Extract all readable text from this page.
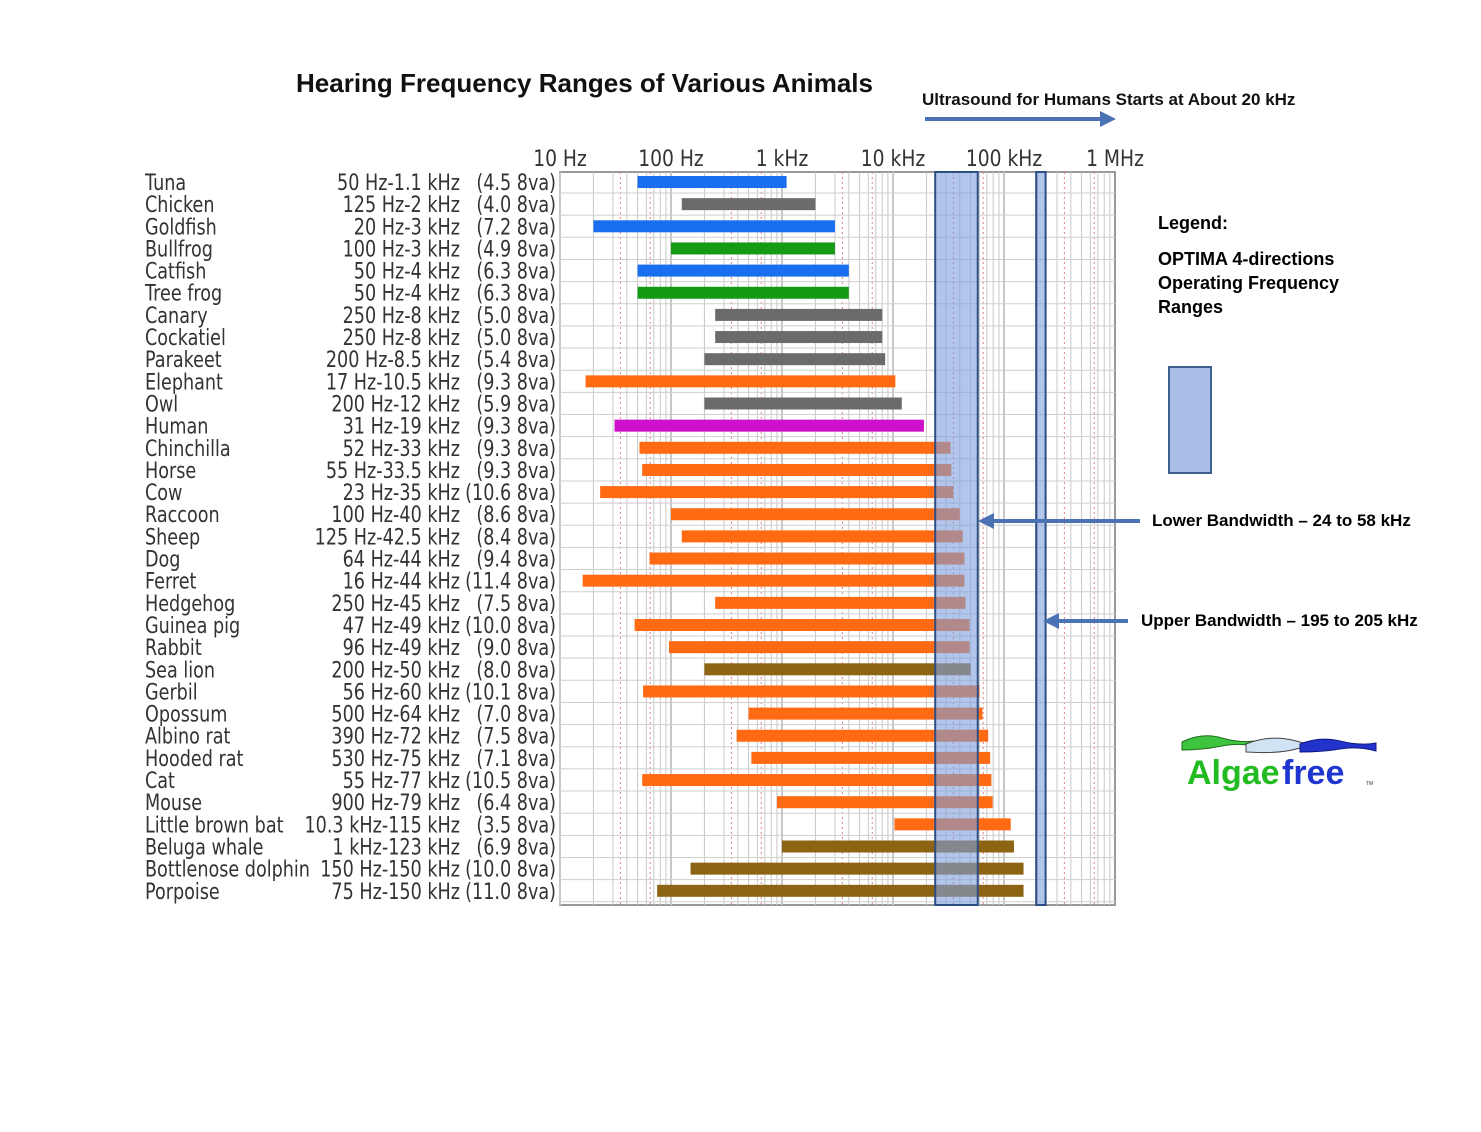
Hearing Frequency Ranges of Various Animals
Ultrasound for Humans Starts at About 20 kHz
Legend:
OPTIMA 4-directions Operating Frequency Ranges
Lower Bandwidth – 24 to 58 kHz
Upper Bandwidth – 195 to 205 kHz
Tuna	50 Hz-1.1 kHz (4.5 8va)
Chicken	125 Hz-2 kHz (4.0 8va)
Goldfish	20 Hz-3 kHz (7.2 8va)
Bullfrog	100 Hz-3 kHz (4.9 8va)
Catfish	50 Hz-4 kHz (6.3 8va)
Tree frog	50 Hz-4 kHz (6.3 8va)
Canary	250 Hz-8 kHz (5.0 8va)
Cockatiel	250 Hz-8 kHz (5.0 8va)
Parakeet	200 Hz-8.5 kHz (5.4 8va)
Elephant	17 Hz-10.5 kHz (9.3 8va)
Owl	200 Hz-12 kHz (5.9 8va)
Human	31 Hz-19 kHz (9.3 8va)
Chinchilla	52 Hz-33 kHz (9.3 8va)
Horse	55 Hz-33.5 kHz (9.3 8va)
Cow	23 Hz-35 kHz (10.6 8va)
Raccoon	100 Hz-40 kHz (8.6 8va)
Sheep	125 Hz-42.5 kHz (8.4 8va)
Dog	64 Hz-44 kHz (9.4 8va)
Ferret	16 Hz-44 kHz (11.4 8va)
Hedgehog	250 Hz-45 kHz (7.5 8va)
Guinea pig	47 Hz-49 kHz (10.0 8va)
Rabbit	96 Hz-49 kHz (9.0 8va)
Sea lion	200 Hz-50 kHz (8.0 8va)
Gerbil	56 Hz-60 kHz (10.1 8va)
Opossum	500 Hz-64 kHz (7.0 8va)
Albino rat	390 Hz-72 kHz (7.5 8va)
Hooded rat	530 Hz-75 kHz (7.1 8va)
Cat	55 Hz-77 kHz (10.5 8va)
Mouse	900 Hz-79 kHz (6.4 8va)
Little brown bat 10.3 kHz-115 kHz (3.5 8va)
Beluga whale	1 kHz-123 kHz (6.9 8va)
Bottlenose dolphin 150 Hz-150 kHz (10.0 8va)
Porpoise	75 Hz-150 kHz (11.0 8va)
10 Hz 100 Hz 1 kHz 10 kHz 100 kHz 1 MHz
Algae free	TM
